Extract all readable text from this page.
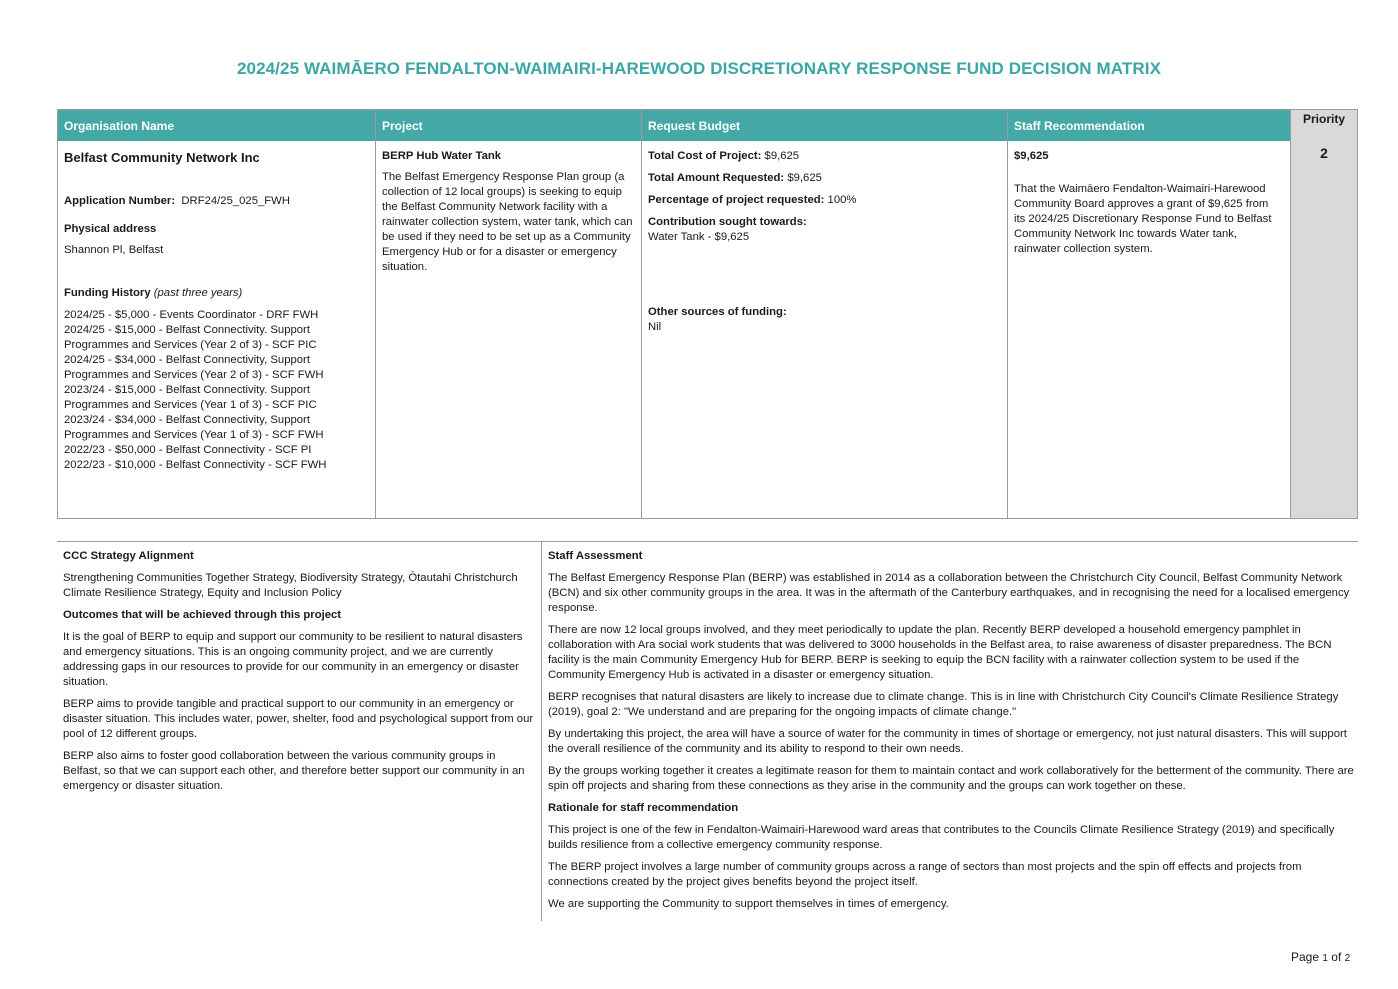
2024/25 WAIMĀERO FENDALTON-WAIMAIRI-HAREWOOD DISCRETIONARY RESPONSE FUND DECISION MATRIX
Organisation Name
Belfast Community Network Inc
Application Number: DRF24/25_025_FWH
Physical address
Shannon Pl, Belfast
Funding History (past three years)
2024/25 - $5,000 - Events Coordinator - DRF FWH
2024/25 - $15,000 - Belfast Connectivity. Support Programmes and Services (Year 2 of 3) - SCF PIC
2024/25 - $34,000 - Belfast Connectivity, Support Programmes and Services (Year 2 of 3) - SCF FWH
2023/24 - $15,000 - Belfast Connectivity. Support Programmes and Services (Year 1 of 3) - SCF PIC
2023/24 - $34,000 - Belfast Connectivity, Support Programmes and Services (Year 1 of 3) - SCF FWH
2022/23 - $50,000 - Belfast Connectivity - SCF PI
2022/23 - $10,000 - Belfast Connectivity - SCF FWH
Project
BERP Hub Water Tank
The Belfast Emergency Response Plan group (a collection of 12 local groups) is seeking to equip the Belfast Community Network facility with a rainwater collection system, water tank, which can be used if they need to be set up as a Community Emergency Hub or for a disaster or emergency situation.
Request Budget
Total Cost of Project: $9,625
Total Amount Requested: $9,625
Percentage of project requested: 100%
Contribution sought towards:
Water Tank - $9,625
Other sources of funding:
Nil
Staff Recommendation
$9,625
That the Waimāero Fendalton-Waimairi-Harewood Community Board approves a grant of $9,625 from its 2024/25 Discretionary Response Fund to Belfast Community Network Inc towards Water tank, rainwater collection system.
Priority
2
CCC Strategy Alignment
Strengthening Communities Together Strategy, Biodiversity Strategy, Ōtautahi Christchurch Climate Resilience Strategy, Equity and Inclusion Policy
Outcomes that will be achieved through this project
It is the goal of BERP to equip and support our community to be resilient to natural disasters and emergency situations. This is an ongoing community project, and we are currently addressing gaps in our resources to provide for our community in an emergency or disaster situation.
BERP aims to provide tangible and practical support to our community in an emergency or disaster situation. This includes water, power, shelter, food and psychological support from our pool of 12 different groups.
BERP also aims to foster good collaboration between the various community groups in Belfast, so that we can support each other, and therefore better support our community in an emergency or disaster situation.
Staff Assessment
The Belfast Emergency Response Plan (BERP) was established in 2014 as a collaboration between the Christchurch City Council, Belfast Community Network (BCN) and six other community groups in the area. It was in the aftermath of the Canterbury earthquakes, and in recognising the need for a localised emergency response.
There are now 12 local groups involved, and they meet periodically to update the plan. Recently BERP developed a household emergency pamphlet in collaboration with Ara social work students that was delivered to 3000 households in the Belfast area, to raise awareness of disaster preparedness. The BCN facility is the main Community Emergency Hub for BERP. BERP is seeking to equip the BCN facility with a rainwater collection system to be used if the Community Emergency Hub is activated in a disaster or emergency situation.
BERP recognises that natural disasters are likely to increase due to climate change. This is in line with Christchurch City Council's Climate Resilience Strategy (2019), goal 2: "We understand and are preparing for the ongoing impacts of climate change."
By undertaking this project, the area will have a source of water for the community in times of shortage or emergency, not just natural disasters. This will support the overall resilience of the community and its ability to respond to their own needs.
By the groups working together it creates a legitimate reason for them to maintain contact and work collaboratively for the betterment of the community. There are spin off projects and sharing from these connections as they arise in the community and the groups can work together on these.
Rationale for staff recommendation
This project is one of the few in Fendalton-Waimairi-Harewood ward areas that contributes to the Councils Climate Resilience Strategy (2019) and specifically builds resilience from a collective emergency community response.
The BERP project involves a large number of community groups across a range of sectors than most projects and the spin off effects and projects from connections created by the project gives benefits beyond the project itself.
We are supporting the Community to support themselves in times of emergency.
Page 1 of 2
